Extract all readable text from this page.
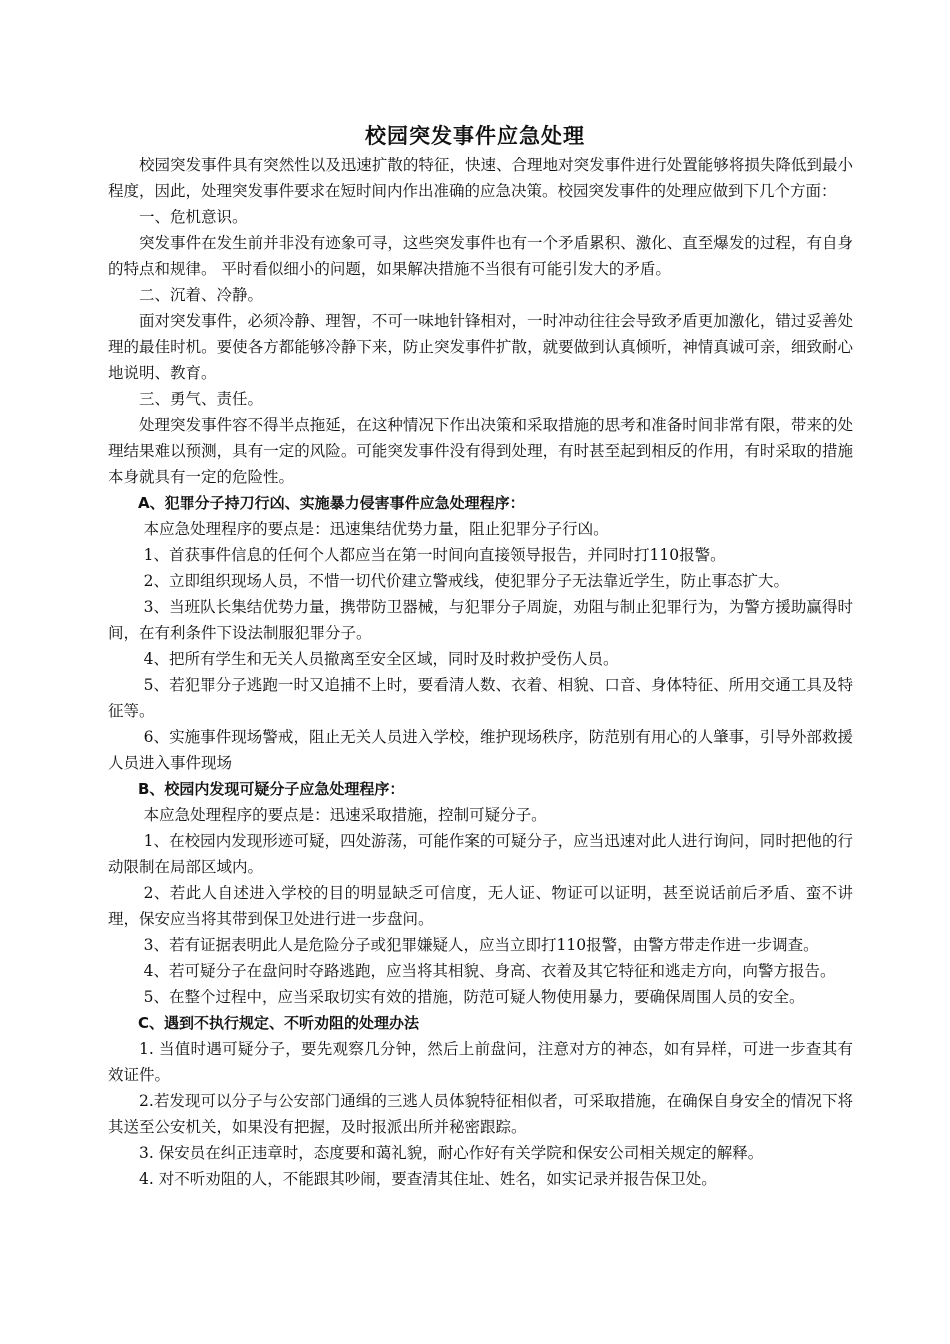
校园突发事件应急处理

校园突发事件具有突然性以及迅速扩散的特征，快速、合理地对突发事件进行处置能够将损失降低到最小程度，因此，处理突发事件要求在短时间内作出准确的应急决策。校园突发事件的处理应做到下几个方面：

一、危机意识。

突发事件在发生前并非没有迹象可寻，这些突发事件也有一个矛盾累积、激化、直至爆发的过程，有自身的特点和规律。 平时看似细小的问题，如果解决措施不当很有可能引发大的矛盾。

二、沉着、冷静。

面对突发事件，必须冷静、理智，不可一味地针锋相对，一时冲动往往会导致矛盾更加激化，错过妥善处理的最佳时机。要使各方都能够冷静下来，防止突发事件扩散，就要做到认真倾听，神情真诚可亲，细致耐心地说明、教育。

三、勇气、责任。

处理突发事件容不得半点拖延，在这种情况下作出决策和采取措施的思考和准备时间非常有限，带来的处理结果难以预测，具有一定的风险。可能突发事件没有得到处理，有时甚至起到相反的作用，有时采取的措施本身就具有一定的危险性。

A、犯罪分子持刀行凶、实施暴力侵害事件应急处理程序：

本应急处理程序的要点是：迅速集结优势力量，阻止犯罪分子行凶。

1、首获事件信息的任何个人都应当在第一时间向直接领导报告，并同时打110报警。

2、立即组织现场人员，不惜一切代价建立警戒线，使犯罪分子无法靠近学生，防止事态扩大。

3、当班队长集结优势力量，携带防卫器械，与犯罪分子周旋，劝阻与制止犯罪行为，为警方援助赢得时间，在有利条件下设法制服犯罪分子。

4、把所有学生和无关人员撤离至安全区域，同时及时救护受伤人员。

5、若犯罪分子逃跑一时又追捕不上时，要看清人数、衣着、相貌、口音、身体特征、所用交通工具及特征等。

6、实施事件现场警戒，阻止无关人员进入学校，维护现场秩序，防范别有用心的人肇事，引导外部救援人员进入事件现场

B、校园内发现可疑分子应急处理程序：

本应急处理程序的要点是：迅速采取措施，控制可疑分子。

1、在校园内发现形迹可疑，四处游荡，可能作案的可疑分子，应当迅速对此人进行询问，同时把他的行动限制在局部区域内。

2、若此人自述进入学校的目的明显缺乏可信度，无人证、物证可以证明，甚至说话前后矛盾、蛮不讲理，保安应当将其带到保卫处进行进一步盘问。

3、若有证据表明此人是危险分子或犯罪嫌疑人，应当立即打110报警，由警方带走作进一步调查。

4、若可疑分子在盘问时夺路逃跑，应当将其相貌、身高、衣着及其它特征和逃走方向，向警方报告。

5、在整个过程中，应当采取切实有效的措施，防范可疑人物使用暴力，要确保周围人员的安全。

C、遇到不执行规定、不听劝阻的处理办法

1. 当值时遇可疑分子，要先观察几分钟，然后上前盘问，注意对方的神态，如有异样，可进一步查其有效证件。

2.若发现可以分子与公安部门通缉的三逃人员体貌特征相似者，可采取措施，在确保自身安全的情况下将其送至公安机关，如果没有把握，及时报派出所并秘密跟踪。

3. 保安员在纠正违章时，态度要和蔼礼貌，耐心作好有关学院和保安公司相关规定的解释。

4. 对不听劝阻的人，不能跟其吵闹，要查清其住址、姓名，如实记录并报告保卫处。
